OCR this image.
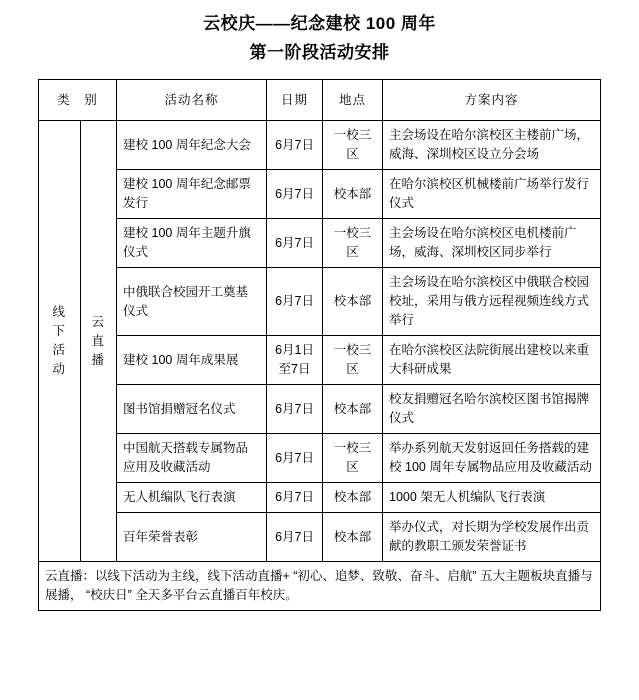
云校庆——纪念建校 100 周年
第一阶段活动安排
类　别		活动名称	日期	地点	方案内容

线下活动	云直播	建校 100 周年纪念大会	6月7日	一校三区	主会场设在哈尔滨校区主楼前广场，威海、深圳校区设立分会场
		建校 100 周年纪念邮票发行	6月7日	校本部	在哈尔滨校区机械楼前广场举行发行仪式
		建校 100 周年主题升旗仪式	6月7日	一校三区	主会场设在哈尔滨校区电机楼前广场，威海、深圳校区同步举行
		中俄联合校园开工奠基仪式	6月7日	校本部	主会场设在哈尔滨校区中俄联合校园校址，采用与俄方远程视频连线方式举行
		建校 100 周年成果展	6月1日至7日	一校三区	在哈尔滨校区法院街展出建校以来重大科研成果
		图书馆捐赠冠名仪式	6月7日	校本部	校友捐赠冠名哈尔滨校区图书馆揭牌仪式
		中国航天搭载专属物品应用及收藏活动	6月7日	一校三区	举办系列航天发射返回任务搭载的建校 100 周年专属物品应用及收藏活动
		无人机编队飞行表演	6月7日	校本部	1000 架无人机编队飞行表演
		百年荣誉表彰	6月7日	校本部	举办仪式，对长期为学校发展作出贡献的教职工颁发荣誉证书
云直播：以线下活动为主线，线下活动直播+ “初心、追梦、致敬、奋斗、启航” 五大主题板块直播与展播， “校庆日” 全天多平台云直播百年校庆。					
